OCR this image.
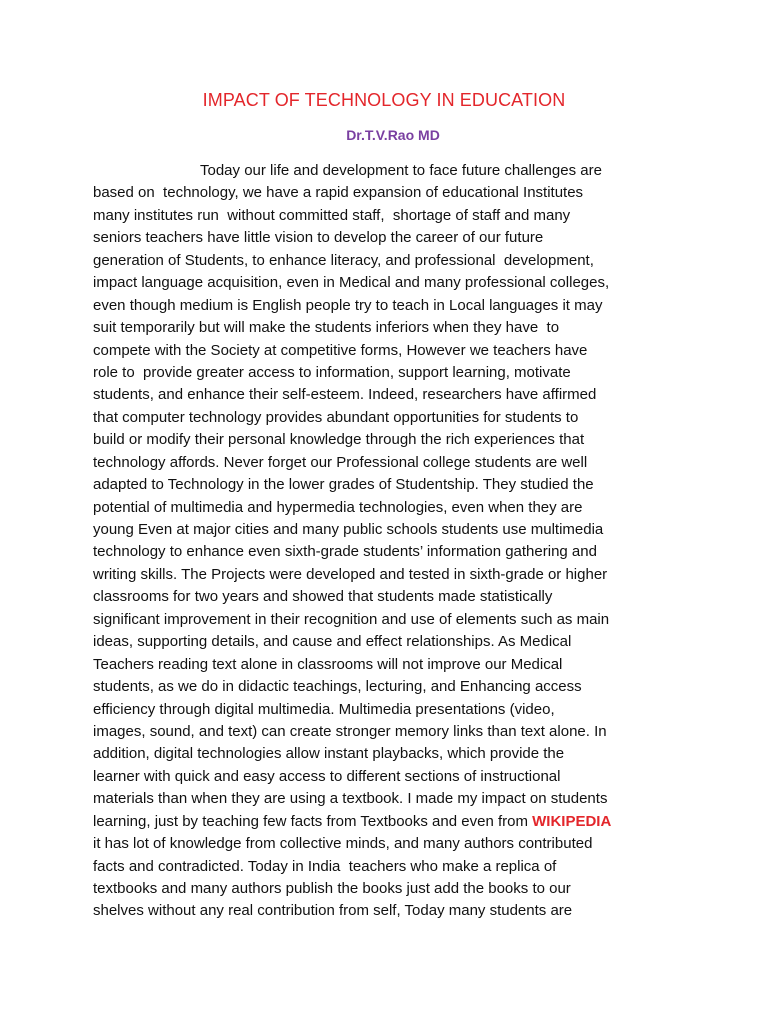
IMPACT OF TECHNOLOGY IN EDUCATION
Dr.T.V.Rao MD
Today our life and development to face future challenges are
based on  technology, we have a rapid expansion of educational Institutes
many institutes run  without committed staff,  shortage of staff and many
seniors teachers have little vision to develop the career of our future
generation of Students, to enhance literacy, and professional  development,
impact language acquisition, even in Medical and many professional colleges,
even though medium is English people try to teach in Local languages it may
suit temporarily but will make the students inferiors when they have  to
compete with the Society at competitive forms, However we teachers have
role to  provide greater access to information, support learning, motivate
students, and enhance their self-esteem. Indeed, researchers have affirmed
that computer technology provides abundant opportunities for students to
build or modify their personal knowledge through the rich experiences that
technology affords. Never forget our Professional college students are well
adapted to Technology in the lower grades of Studentship. They studied the
potential of multimedia and hypermedia technologies, even when they are
young Even at major cities and many public schools students use multimedia
technology to enhance even sixth-grade students’ information gathering and
writing skills. The Projects were developed and tested in sixth-grade or higher
classrooms for two years and showed that students made statistically
significant improvement in their recognition and use of elements such as main
ideas, supporting details, and cause and effect relationships. As Medical
Teachers reading text alone in classrooms will not improve our Medical
students, as we do in didactic teachings, lecturing, and Enhancing access
efficiency through digital multimedia. Multimedia presentations (video,
images, sound, and text) can create stronger memory links than text alone. In
addition, digital technologies allow instant playbacks, which provide the
learner with quick and easy access to different sections of instructional
materials than when they are using a textbook. I made my impact on students
learning, just by teaching few facts from Textbooks and even from WIKIPEDIA
it has lot of knowledge from collective minds, and many authors contributed
facts and contradicted. Today in India  teachers who make a replica of
textbooks and many authors publish the books just add the books to our
shelves without any real contribution from self, Today many students are
